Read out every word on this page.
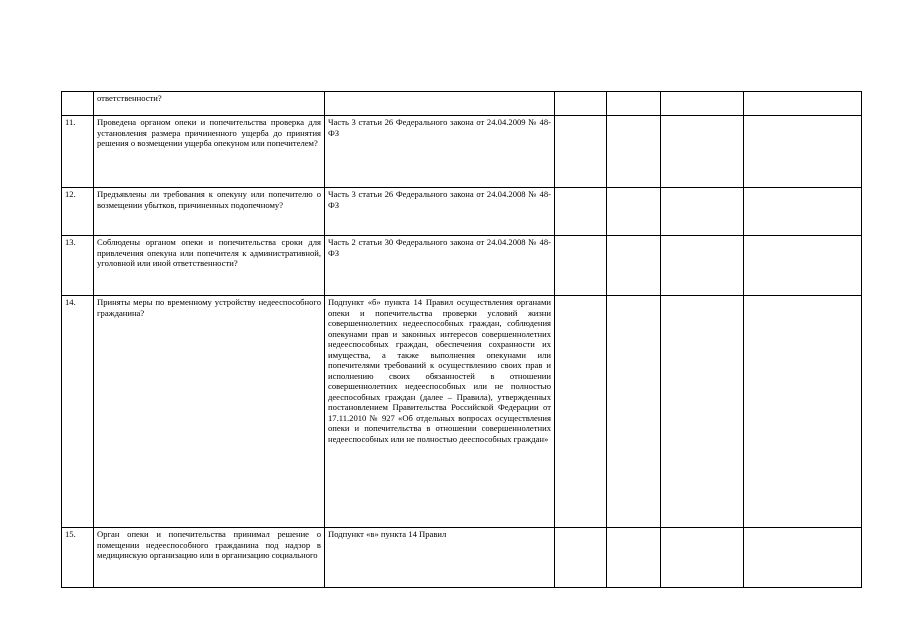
	ответственности?					
11.	Проведена органом опеки и попечительства проверка для установления размера причиненного ущерба до принятия решения о возмещении ущерба опекуном или попечителем?	Часть 3 статьи 26 Федерального закона от 24.04.2009 № 48-ФЗ				
12.	Предъявлены ли требования к опекуну или попечителю о возмещении убытков, причиненных подопечному?	Часть 3 статьи 26 Федерального закона от 24.04.2008 № 48-ФЗ				
13.	Соблюдены органом опеки и попечительства сроки для привлечения опекуна или попечителя к административной, уголовной или иной ответственности?	Часть 2 статьи 30 Федерального закона от 24.04.2008 № 48-ФЗ				
14.	Приняты меры по временному устройству недееспособного гражданина?	Подпункт «б» пункта 14 Правил осуществления органами опеки и попечительства проверки условий жизни совершеннолетних недееспособных граждан, соблюдения опекунами прав и законных интересов совершеннолетних недееспособных граждан, обеспечения сохранности их имущества, а также выполнения опекунами или попечителями требований к осуществлению своих прав и исполнению своих обязанностей в отношении совершеннолетних недееспособных или не полностью дееспособных граждан (далее – Правила), утвержденных постановлением Правительства Российской Федерации от 17.11.2010 № 927 «Об отдельных вопросах осуществления опеки и попечительства в отношении совершеннолетних недееспособных или не полностью дееспособных граждан»				
15.	Орган опеки и попечительства принимал решение о помещении недееспособного гражданина под надзор в медицинскую организацию или в организацию социального	Подпункт «в» пункта 14 Правил				
